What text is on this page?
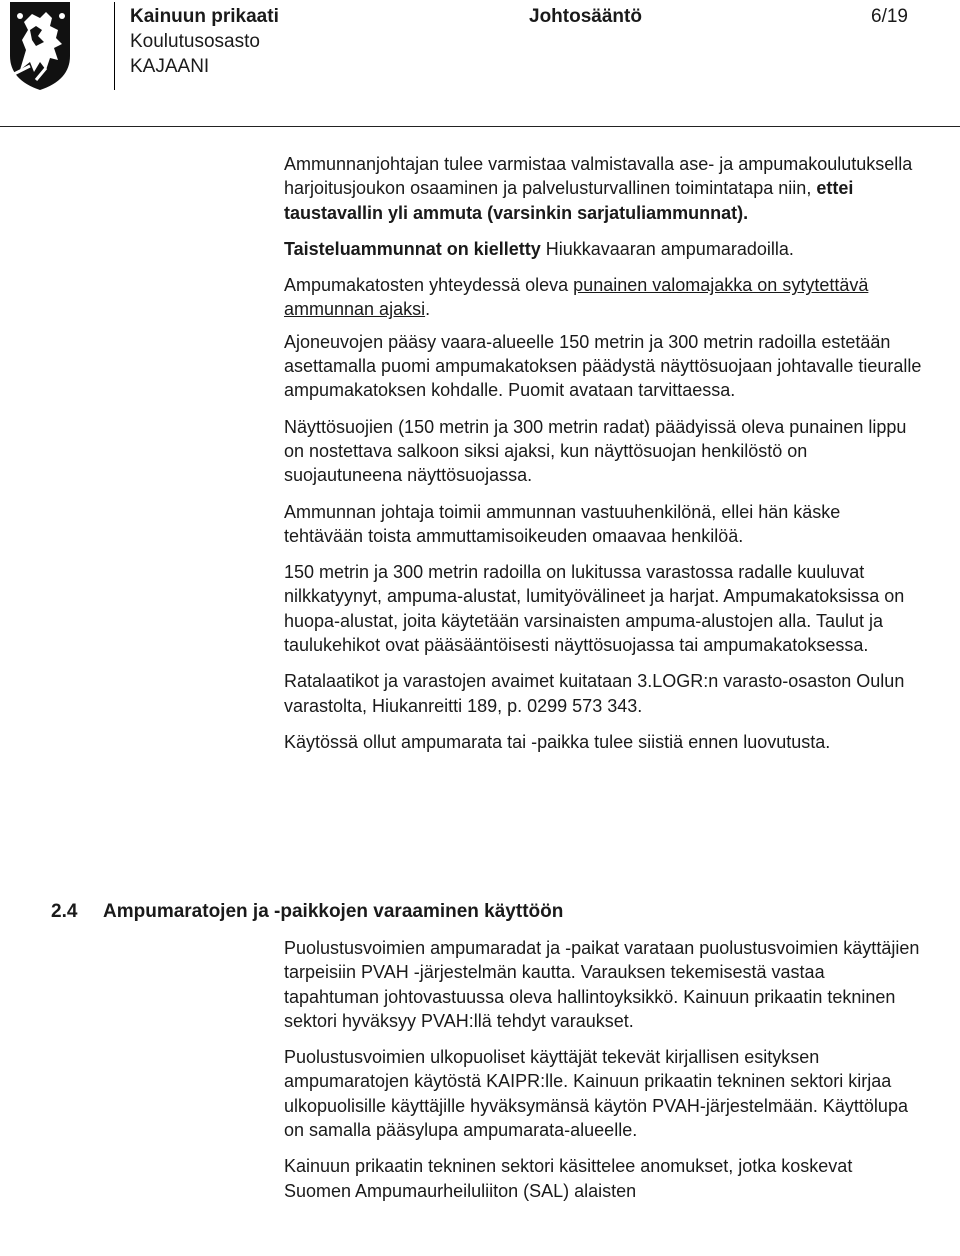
Kainuun prikaati
Koulutusosasto
KAJAANI
Johtosääntö	6/19

Ammunnanjohtajan tulee varmistaa valmistavalla ase- ja ampumakoulutuksella harjoitusjoukon osaaminen ja palvelusturvallinen toimintatapa niin, ettei taustavallin yli ammuta (varsinkin sarjatuliammunnat).

Taisteluammunnat on kielletty Hiukkavaaran ampumaradoilla.

Ampumakatosten yhteydessä oleva punainen valomajakka on sytytettävä ammunnan ajaksi.

Ajoneuvojen pääsy vaara-alueelle 150 metrin ja 300 metrin radoilla estetään asettamalla puomi ampumakatoksen päädystä näyttösuojaan johtavalle tieuralle ampumakatoksen kohdalle. Puomit avataan tarvittaessa.

Näyttösuojien (150 metrin ja 300 metrin radat) päädyissä oleva punainen lippu on nostettava salkoon siksi ajaksi, kun näyttösuojan henkilöstö on suojautuneena näyttösuojassa.

Ammunnan johtaja toimii ammunnan vastuuhenkilönä, ellei hän käske tehtävään toista ammuttamisoikeuden omaavaa henkilöä.

150 metrin ja 300 metrin radoilla on lukitussa varastossa radalle kuuluvat nilkkatyynyt, ampuma-alustat, lumityövälineet ja harjat. Ampumakatoksissa on huopa-alustat, joita käytetään varsinaisten ampuma-alustojen alla. Taulut ja taulukehikot ovat pääsääntöisesti näyttösuojassa tai ampumakatoksessa.

Ratalaatikot ja varastojen avaimet kuitataan 3.LOGR:n varasto-osaston Oulun varastolta, Hiukanreitti 189, p. 0299 573 343.

Käytössä ollut ampumarata tai -paikka tulee siistiä ennen luovutusta.

2.4 Ampumaratojen ja -paikkojen varaaminen käyttöön

Puolustusvoimien ampumaradat ja -paikat varataan puolustusvoimien käyttäjien tarpeisiin PVAH -järjestelmän kautta. Varauksen tekemisestä vastaa tapahtuman johtovastuussa oleva hallintoyksikkö. Kainuun prikaatin tekninen sektori hyväksyy PVAH:llä tehdyt varaukset.

Puolustusvoimien ulkopuoliset käyttäjät tekevät kirjallisen esityksen ampumaratojen käytöstä KAIPR:lle. Kainuun prikaatin tekninen sektori kirjaa ulkopuolisille käyttäjille hyväksymänsä käytön PVAH-järjestelmään. Käyttölupa on samalla pääsylupa ampumarata-alueelle.

Kainuun prikaatin tekninen sektori käsittelee anomukset, jotka koskevat Suomen Ampumaurheiluliiton (SAL) alaisten
